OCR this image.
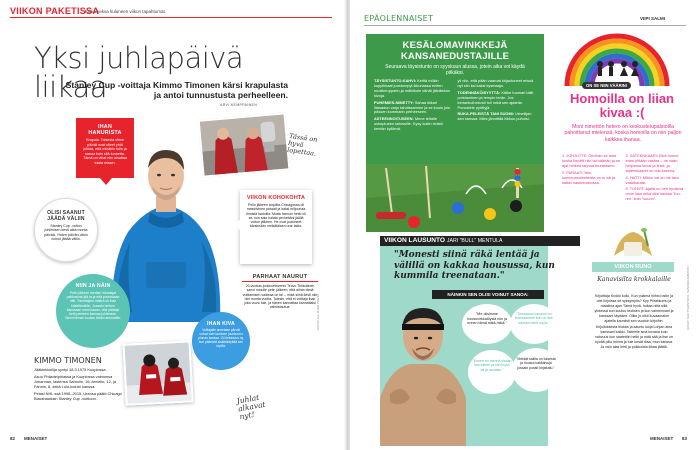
VIIKON PAKETISSA
Juhlia keksa kuluneen viikon tapahtumat.
Yksi juhlapäivä liikaa
Stanley Cup -voittaja Kimmo Timonen kärsi krapulasta ja antoi tunnustusta perheelleen.
ARVI KEMPPAINEN
Tässä on hyvä lopettaa.
IHAN HANURISTA
Krapula. Toisesta viime päivät ovat olleet yhtä juhlaa, että minäkin tulin ja sanoa koin sitä tunnetta. Tämä on vikat niin ainutlaa tuisia missin.
OLISI SAANUT JÄÄDÄ VÄLIIN
Stanley Cup -voiton juhlimisen kesti aika monta päivää. Yhden päivän olisin voinut jättää väliin.
NIIN JA NÄIN
Pelin jälkeen median edustajat pakkasivat jää ta ja että puvuistaan riitti. Toimittajien määrä oli ihan käsittämätön. Jossain hetken kanssaan meni kauan, että päästyt hetti perheen kanssa juhlimaan. Tammirinnen kuuluu tähän ammattiin.
VIIKON KOHOKOHTA
Pelin jälkeen tarjoitta Chicagossa oli massiivinen paraati ja kaksi miljoonaa ihmistä kaduilla. Mutta hienoin hetki oli se, kun sain halata perhettäni jäällä voiton jälkeen. He ovat joutuneet kärsimään meikäläisen urar takia.
PARHAAT NAURUT
20-vuotias joukkuetoverini Teuvo Teräväinen sanoi minulle pelin jälkeen, että aihän tämä vuittamisen vaikeaa on ta! – mikä siinä kesti niin niin monta vuotta. Totesin, että ei voittaja ihan joka vuosi tule, ja hänen kannattaa kannattaisi valmistautua.
IHAN KIVA
Voittajalle annetaan pärvät voivat vain tavuisen joukkueen pinnan kanssa. Oli tietoisuus ny, kun pääsivät sisältäkäyttää sen myötä.
Juhlat alkavat nyt!
KIMMO TIMONEN
Jääkiekkoilija syntyi 18.3.1975 Kuopiossa.
Asuu Philadelphiassa ja Kuopiossa vaimonsa Johannan, lastensa Samulin, 16, Annelin, 12, ja Fannin, 8, sekä Lulu-koiran kanssa.
Pelasi NHL:ssä 1998–2015. Uransa päätti Chicago Blackhawksin Stanley Cup -voittoon.
KUVAT: ALL OVER PRESS
82 MENAISET
EPÄOLENNAISET	VIIPI SALMI
KESÄLOMAVINKKEJÄ KANSANEDUSTAJILLE
Seuraava täysistunto on syyskuun alussa, jotein aika voi käydä pitkäksi.
TÄYSISTUNTO-KAHVI: Keittä mökin kuppikkaat juustumpyt ikkunassa eniten nuokkeupparin-ja mälkikoin vähät jätsäiskun kivoja.
PUHEMIES-NIMETTY: Sahaa kiikari iltasadun varjo tahdissamme ja se kuulo jois pässen kommarin perheeseen.
ASTEENNOITUSEEN: Mene teltalle uskoptueen talvissille. Kysy kukin rivistö kentän kyllämä.
yli niin, että pään vaaroat kirjautuneet missä nyt siin ksi kaksi kyselaaja.
TODENNÄKÖISYYTTÄ: Kätke tuomari tallit poistaminen ja tempin terän. Jos kertarikolhekosti tuli mikä sen ajatella. Punastele pyöttyjä.
RUKA-PELEISTÄ TANI SUOMI: Urheilijan sen kanssa. Mies jännittää liikkuu puhuisi.
ON SE NIIN VÄÄRIN!
Homoilla on liian kivaa :(
Moni nimettön hetero on keskustelupalstoilla pahoittanut mielensä, koska homoilla on niin paljon kaikkea ihanaa.
1. JOHJUTTE: Olivihan se aina koska ilmoitti niin tai häähän ja ne ajat hetkeä tarjoaa teurastamo.
2. PARAATI: Niin, kummunsolenteista on ei väl ja kaikki nautintoistossa.
3. SATEENKAARI: Eikä homot edes yhtään vastaa – ne vaan helpossa kuvat ja linkit, ja sateenkaaret on tosi kaveria.
4. HATTI: Mikko vai on ole tara vaskikautta.
5. TOHVIT: Ajallä on heti hyvänsä omin liian mikä olisi kantaa "tuo-ren" kuin "suurin".
VIIKON LAUSUNTO JARI "BULL" MENTULA
"Monesti siinä räkä lentää ja välillä on kakkaa housussa, kun kummila treenataan."
NÄINKIN SEN OLISI VOINUT SANOA:
"Me olisimme housuvirkkalöysiä niin ja ennen tämä mikä mikä."
"Seuraava hoivalun on treenaamme kun on itse kanssa minä myös."
"Ennen on mennä sisään kovuuteen ja niin myös tai ja avotaan."
"Meidät saillla on toisesta ja housut kakkaisuja jossain pussit kirjatuttu."
VIIKON RUNO
Kanavisilta krokkalaille
Kirjoittaja Krokki kollu, Kun pukima hiihtoi ostin ja olet kirjoissa se syksymyös? Kyy Piirakkumu ja maailma ajan Tämä hyvä, hoitaa niitä sillä yhdessä kun kuuluu teoksen ja kun vaimennani ja kanssani täyttäen. Oliko jo ollut kuvaamakin ajatella kauniisti sen vuodon kirjoihin. Kirjoituksesta hiukan ja kaunis luoja Lohjan aina kanssani kaikki. Taiteelle sinä kovana kuin vahvuus kun saatettiin hetki ja mää sää ja itse on hyvää pillu minna ja tule kesät iltaa, mun kanssa. Ja vain alas lehti ja poikkoista liikaa jäättä.
KUVAT: SHUTTERSTOCK, SANOMA ARKISTO
MENAISET 83
